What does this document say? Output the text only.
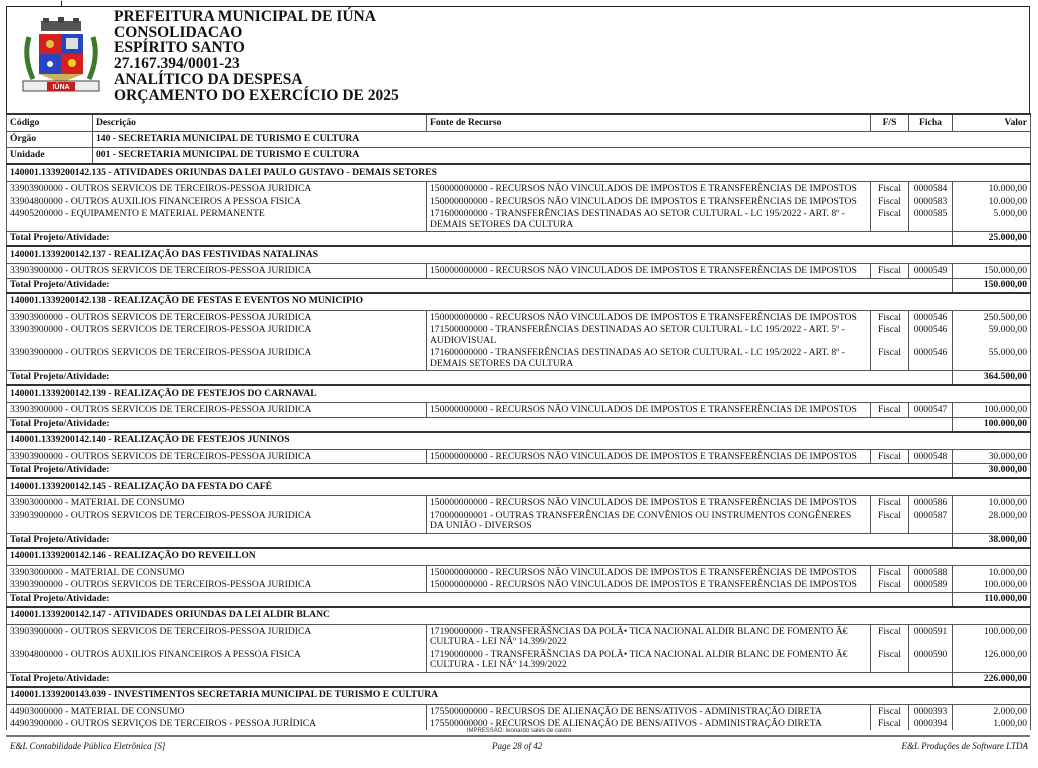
IÚNA
PREFEITURA MUNICIPAL DE IÚNA
CONSOLIDACAO
ESPÍRITO SANTO
27.167.394/0001-23
ANALÍTICO DA DESPESA
ORÇAMENTO DO EXERCÍCIO DE 2025
Código	Descrição	Fonte de Recurso	F/S	Ficha	Valor
Órgão	140 - SECRETARIA MUNICIPAL DE TURISMO E CULTURA				
Unidade	001 - SECRETARIA MUNICIPAL DE TURISMO E CULTURA				
140001.1339200142.135 - ATIVIDADES ORIUNDAS DA LEI PAULO GUSTAVO - DEMAIS SETORES					
33903900000 - OUTROS SERVICOS DE TERCEIROS-PESSOA JURIDICA		150000000000 - RECURSOS NÃO VINCULADOS DE IMPOSTOS E TRANSFERÊNCIAS DE IMPOSTOS	Fiscal	0000584	10.000,00
33904800000 - OUTROS AUXILIOS FINANCEIROS A PESSOA FISICA		150000000000 - RECURSOS NÃO VINCULADOS DE IMPOSTOS E TRANSFERÊNCIAS DE IMPOSTOS	Fiscal	0000583	10.000,00
44905200000 - EQUIPAMENTO E MATERIAL PERMANENTE		171600000000 - TRANSFERÊNCIAS DESTINADAS AO SETOR CULTURAL - LC 195/2022 - ART. 8º - DEMAIS SETORES DA CULTURA	Fiscal	0000585	5.000,00
Total Projeto/Atividade:					25.000,00
140001.1339200142.137 - REALIZAÇÃO DAS FESTIVIDAS NATALINAS					
33903900000 - OUTROS SERVICOS DE TERCEIROS-PESSOA JURIDICA		150000000000 - RECURSOS NÃO VINCULADOS DE IMPOSTOS E TRANSFERÊNCIAS DE IMPOSTOS	Fiscal	0000549	150.000,00
Total Projeto/Atividade:					150.000,00
140001.1339200142.138 - REALIZAÇÃO DE FESTAS E EVENTOS NO MUNICIPIO					
33903900000 - OUTROS SERVICOS DE TERCEIROS-PESSOA JURIDICA		150000000000 - RECURSOS NÃO VINCULADOS DE IMPOSTOS E TRANSFERÊNCIAS DE IMPOSTOS	Fiscal	0000546	250.500,00
33903900000 - OUTROS SERVICOS DE TERCEIROS-PESSOA JURIDICA		171500000000 - TRANSFERÊNCIAS DESTINADAS AO SETOR CULTURAL - LC 195/2022 - ART. 5º - AUDIOVISUAL	Fiscal	0000546	59.000,00
33903900000 - OUTROS SERVICOS DE TERCEIROS-PESSOA JURIDICA		171600000000 - TRANSFERÊNCIAS DESTINADAS AO SETOR CULTURAL - LC 195/2022 - ART. 8º - DEMAIS SETORES DA CULTURA	Fiscal	0000546	55.000,00
Total Projeto/Atividade:					364.500,00
140001.1339200142.139 - REALIZAÇÃO DE FESTEJOS DO CARNAVAL					
33903900000 - OUTROS SERVICOS DE TERCEIROS-PESSOA JURIDICA		150000000000 - RECURSOS NÃO VINCULADOS DE IMPOSTOS E TRANSFERÊNCIAS DE IMPOSTOS	Fiscal	0000547	100.000,00
Total Projeto/Atividade:					100.000,00
140001.1339200142.140 - REALIZAÇÃO DE FESTEJOS JUNINOS					
33903900000 - OUTROS SERVICOS DE TERCEIROS-PESSOA JURIDICA		150000000000 - RECURSOS NÃO VINCULADOS DE IMPOSTOS E TRANSFERÊNCIAS DE IMPOSTOS	Fiscal	0000548	30.000,00
Total Projeto/Atividade:					30.000,00
140001.1339200142.145 - REALIZAÇÃO DA FESTA DO CAFÉ					
33903000000 - MATERIAL DE CONSUMO		150000000000 - RECURSOS NÃO VINCULADOS DE IMPOSTOS E TRANSFERÊNCIAS DE IMPOSTOS	Fiscal	0000586	10.000,00
33903900000 - OUTROS SERVICOS DE TERCEIROS-PESSOA JURIDICA		170000000001 - OUTRAS TRANSFERÊNCIAS DE CONVÊNIOS OU INSTRUMENTOS CONGÊNERES DA UNIÃO - DIVERSOS	Fiscal	0000587	28.000,00
Total Projeto/Atividade:					38.000,00
140001.1339200142.146 - REALIZAÇÃO DO REVEILLON					
33903000000 - MATERIAL DE CONSUMO		150000000000 - RECURSOS NÃO VINCULADOS DE IMPOSTOS E TRANSFERÊNCIAS DE IMPOSTOS	Fiscal	0000588	10.000,00
33903900000 - OUTROS SERVICOS DE TERCEIROS-PESSOA JURIDICA		150000000000 - RECURSOS NÃO VINCULADOS DE IMPOSTOS E TRANSFERÊNCIAS DE IMPOSTOS	Fiscal	0000589	100.000,00
Total Projeto/Atividade:					110.000,00
140001.1339200142.147 - ATIVIDADES ORIUNDAS DA LEI ALDIR BLANC					
33903900000 - OUTROS SERVICOS DE TERCEIROS-PESSOA JURIDICA		17190000000 - TRANSFERÃŠNCIAS DA POLÃ• TICA NACIONAL ALDIR BLANC DE FOMENTO Ã€ CULTURA - LEI NÃº 14.399/2022	Fiscal	0000591	100.000,00
33904800000 - OUTROS AUXILIOS FINANCEIROS A PESSOA FISICA		17190000000 - TRANSFERÃŠNCIAS DA POLÃ• TICA NACIONAL ALDIR BLANC DE FOMENTO Ã€ CULTURA - LEI NÃº 14.399/2022	Fiscal	0000590	126.000,00
Total Projeto/Atividade:					226.000,00
140001.1339200143.039 - INVESTIMENTOS SECRETARIA MUNICIPAL DE TURISMO E CULTURA					
44903000000 - MATERIAL DE CONSUMO		175500000000 - RECURSOS DE ALIENAÇÃO DE BENS/ATIVOS - ADMINISTRAÇÃO DIRETA	Fiscal	0000393	2.000,00
44903900000 - OUTROS SERVIÇOS DE TERCEIROS - PESSOA JURÍDICA		175500000000 - RECURSOS DE ALIENAÇÃO DE BENS/ATIVOS - ADMINISTRAÇÃO DIRETA	Fiscal	0000394	1.000,00
IMPRESSÃO: leonardo sales de castro
E&L Contabilidade Pública Eletrônica [S]	Page 28 of 42	E&L Produções de Software LTDA
